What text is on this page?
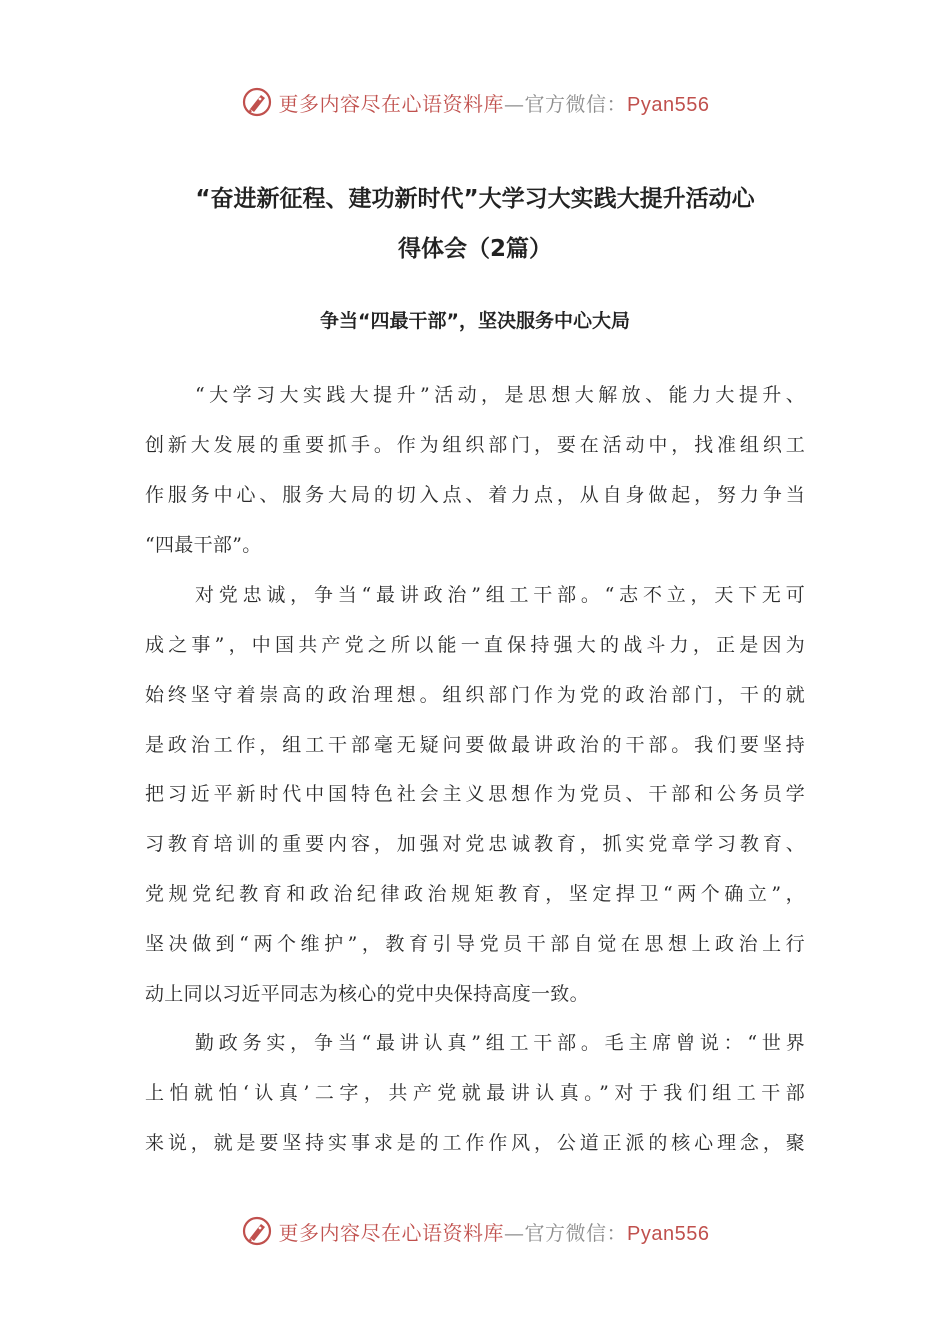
更多内容尽在心语资料库—官方微信：Pyan556
“奋进新征程、建功新时代”大学习大实践大提升活动心
得体会（2篇）
争当“四最干部”，坚决服务中心大局
“大学习大实践大提升”活动，是思想大解放、能力大提升、
创新大发展的重要抓手。作为组织部门，要在活动中，找准组织工
作服务中心、服务大局的切入点、着力点，从自身做起，努力争当
“四最干部”。
对党忠诚，争当“最讲政治”组工干部。“志不立，天下无可
成之事”，中国共产党之所以能一直保持强大的战斗力，正是因为
始终坚守着崇高的政治理想。组织部门作为党的政治部门，干的就
是政治工作，组工干部毫无疑问要做最讲政治的干部。我们要坚持
把习近平新时代中国特色社会主义思想作为党员、干部和公务员学
习教育培训的重要内容，加强对党忠诚教育，抓实党章学习教育、
党规党纪教育和政治纪律政治规矩教育，坚定捍卫“两个确立”，
坚决做到“两个维护”，教育引导党员干部自觉在思想上政治上行
动上同以习近平同志为核心的党中央保持高度一致。
勤政务实，争当“最讲认真”组工干部。毛主席曾说：“世界
上怕就怕‘认真’二字，共产党就最讲认真。”对于我们组工干部
来说，就是要坚持实事求是的工作作风，公道正派的核心理念，聚
更多内容尽在心语资料库—官方微信：Pyan556
